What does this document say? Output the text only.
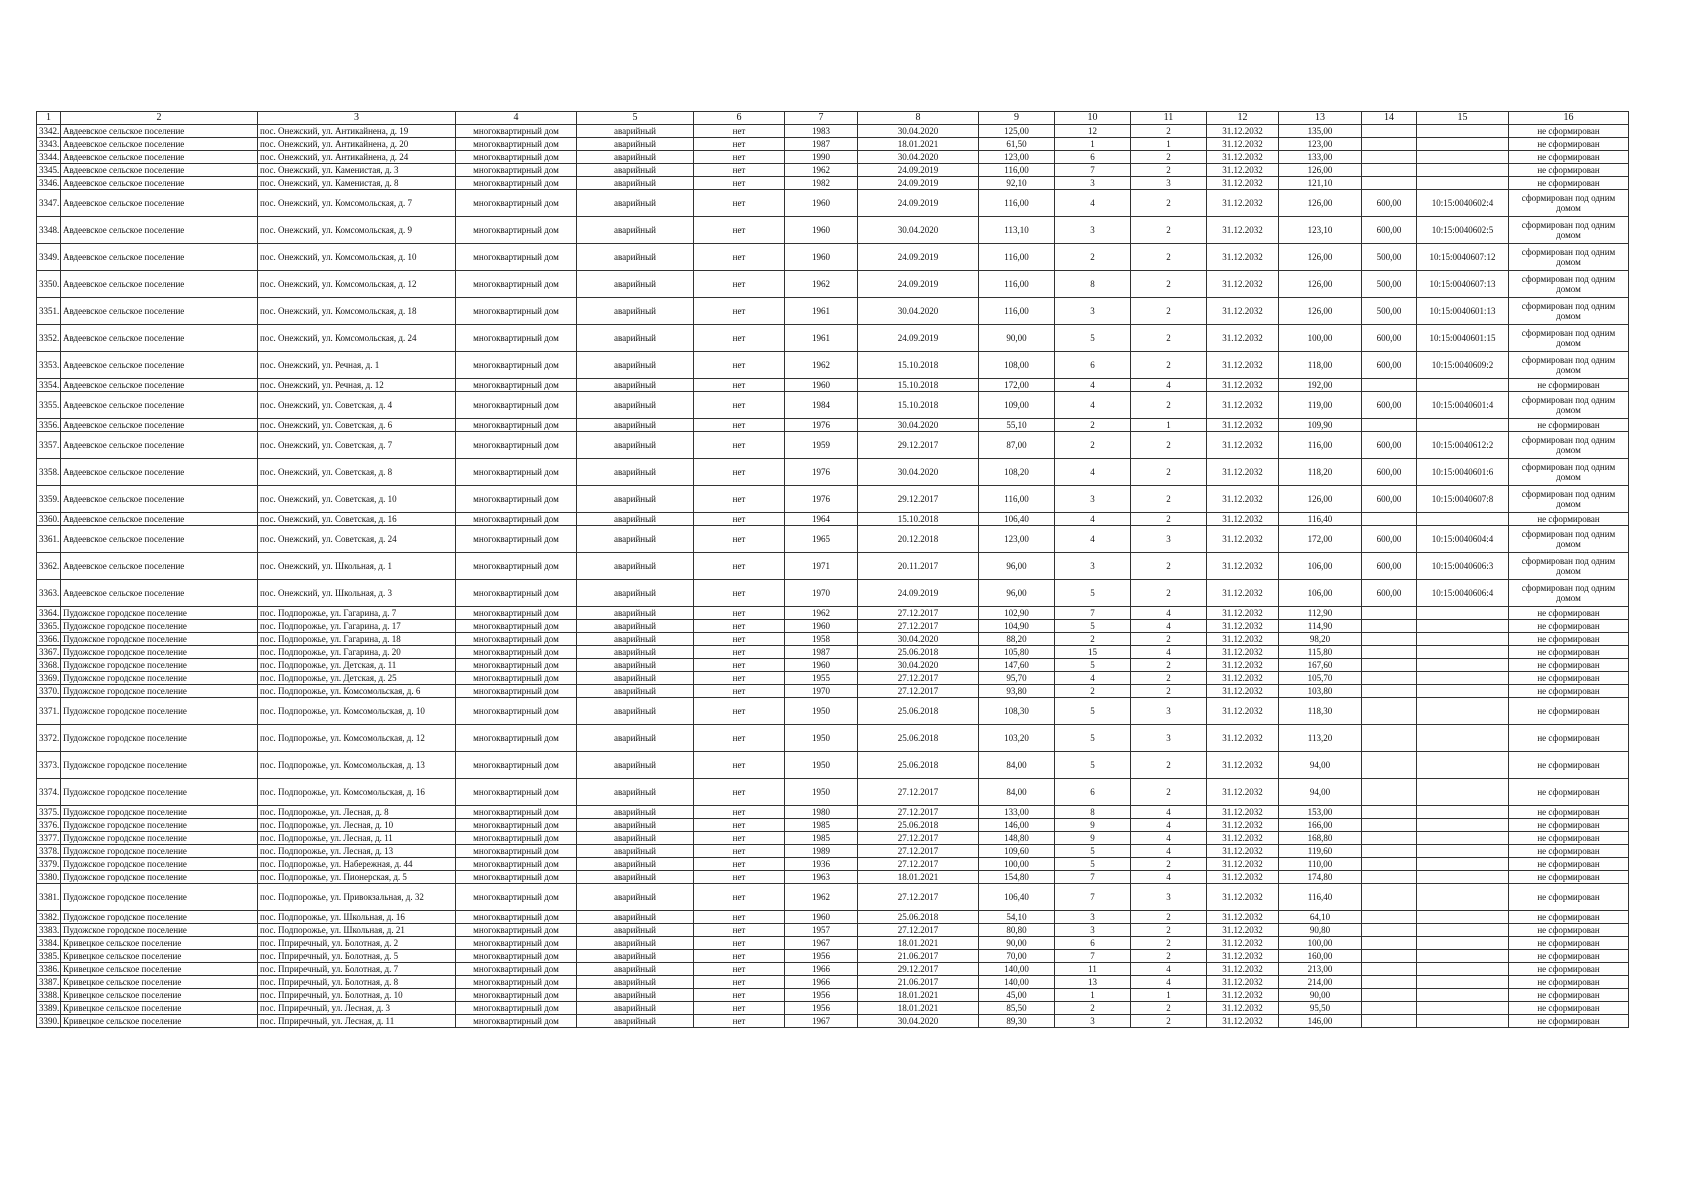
1	2	3	4	5	6	7	8	9	10	11	12	13	14	15	16
3342.	Авдеевское сельское поселение	пос. Онежский, ул. Антикайнена, д. 19	многоквартирный дом	аварийный	нет	1983	30.04.2020	125,00	12	2	31.12.2032	135,00			не сформирован
3343.	Авдеевское сельское поселение	пос. Онежский, ул. Антикайнена, д. 20	многоквартирный дом	аварийный	нет	1987	18.01.2021	61,50	1	1	31.12.2032	123,00			не сформирован
3344.	Авдеевское сельское поселение	пос. Онежский, ул. Антикайнена, д. 24	многоквартирный дом	аварийный	нет	1990	30.04.2020	123,00	6	2	31.12.2032	133,00			не сформирован
3345.	Авдеевское сельское поселение	пос. Онежский, ул. Каменистая, д. 3	многоквартирный дом	аварийный	нет	1962	24.09.2019	116,00	7	2	31.12.2032	126,00			не сформирован
3346.	Авдеевское сельское поселение	пос. Онежский, ул. Каменистая, д. 8	многоквартирный дом	аварийный	нет	1982	24.09.2019	92,10	3	3	31.12.2032	121,10			не сформирован
3347.	Авдеевское сельское поселение	пос. Онежский, ул. Комсомольская, д. 7	многоквартирный дом	аварийный	нет	1960	24.09.2019	116,00	4	2	31.12.2032	126,00	600,00	10:15:0040602:4	сформирован под одним домом
3348.	Авдеевское сельское поселение	пос. Онежский, ул. Комсомольская, д. 9	многоквартирный дом	аварийный	нет	1960	30.04.2020	113,10	3	2	31.12.2032	123,10	600,00	10:15:0040602:5	сформирован под одним домом
3349.	Авдеевское сельское поселение	пос. Онежский, ул. Комсомольская, д. 10	многоквартирный дом	аварийный	нет	1960	24.09.2019	116,00	2	2	31.12.2032	126,00	500,00	10:15:0040607:12	сформирован под одним домом
3350.	Авдеевское сельское поселение	пос. Онежский, ул. Комсомольская, д. 12	многоквартирный дом	аварийный	нет	1962	24.09.2019	116,00	8	2	31.12.2032	126,00	500,00	10:15:0040607:13	сформирован под одним домом
3351.	Авдеевское сельское поселение	пос. Онежский, ул. Комсомольская, д. 18	многоквартирный дом	аварийный	нет	1961	30.04.2020	116,00	3	2	31.12.2032	126,00	500,00	10:15:0040601:13	сформирован под одним домом
3352.	Авдеевское сельское поселение	пос. Онежский, ул. Комсомольская, д. 24	многоквартирный дом	аварийный	нет	1961	24.09.2019	90,00	5	2	31.12.2032	100,00	600,00	10:15:0040601:15	сформирован под одним домом
3353.	Авдеевское сельское поселение	пос. Онежский, ул. Речная, д. 1	многоквартирный дом	аварийный	нет	1962	15.10.2018	108,00	6	2	31.12.2032	118,00	600,00	10:15:0040609:2	сформирован под одним домом
3354.	Авдеевское сельское поселение	пос. Онежский, ул. Речная, д. 12	многоквартирный дом	аварийный	нет	1960	15.10.2018	172,00	4	4	31.12.2032	192,00			не сформирован
3355.	Авдеевское сельское поселение	пос. Онежский, ул. Советская, д. 4	многоквартирный дом	аварийный	нет	1984	15.10.2018	109,00	4	2	31.12.2032	119,00	600,00	10:15:0040601:4	сформирован под одним домом
3356.	Авдеевское сельское поселение	пос. Онежский, ул. Советская, д. 6	многоквартирный дом	аварийный	нет	1976	30.04.2020	55,10	2	1	31.12.2032	109,90			не сформирован
3357.	Авдеевское сельское поселение	пос. Онежский, ул. Советская, д. 7	многоквартирный дом	аварийный	нет	1959	29.12.2017	87,00	2	2	31.12.2032	116,00	600,00	10:15:0040612:2	сформирован под одним домом
3358.	Авдеевское сельское поселение	пос. Онежский, ул. Советская, д. 8	многоквартирный дом	аварийный	нет	1976	30.04.2020	108,20	4	2	31.12.2032	118,20	600,00	10:15:0040601:6	сформирован под одним домом
3359.	Авдеевское сельское поселение	пос. Онежский, ул. Советская, д. 10	многоквартирный дом	аварийный	нет	1976	29.12.2017	116,00	3	2	31.12.2032	126,00	600,00	10:15:0040607:8	сформирован под одним домом
3360.	Авдеевское сельское поселение	пос. Онежский, ул. Советская, д. 16	многоквартирный дом	аварийный	нет	1964	15.10.2018	106,40	4	2	31.12.2032	116,40			не сформирован
3361.	Авдеевское сельское поселение	пос. Онежский, ул. Советская, д. 24	многоквартирный дом	аварийный	нет	1965	20.12.2018	123,00	4	3	31.12.2032	172,00	600,00	10:15:0040604:4	сформирован под одним домом
3362.	Авдеевское сельское поселение	пос. Онежский, ул. Школьная, д. 1	многоквартирный дом	аварийный	нет	1971	20.11.2017	96,00	3	2	31.12.2032	106,00	600,00	10:15:0040606:3	сформирован под одним домом
3363.	Авдеевское сельское поселение	пос. Онежский, ул. Школьная, д. 3	многоквартирный дом	аварийный	нет	1970	24.09.2019	96,00	5	2	31.12.2032	106,00	600,00	10:15:0040606:4	сформирован под одним домом
3364.	Пудожское городское поселение	пос. Подпорожье, ул. Гагарина, д. 7	многоквартирный дом	аварийный	нет	1962	27.12.2017	102,90	7	4	31.12.2032	112,90			не сформирован
3365.	Пудожское городское поселение	пос. Подпорожье, ул. Гагарина, д. 17	многоквартирный дом	аварийный	нет	1960	27.12.2017	104,90	5	4	31.12.2032	114,90			не сформирован
3366.	Пудожское городское поселение	пос. Подпорожье, ул. Гагарина, д. 18	многоквартирный дом	аварийный	нет	1958	30.04.2020	88,20	2	2	31.12.2032	98,20			не сформирован
3367.	Пудожское городское поселение	пос. Подпорожье, ул. Гагарина, д. 20	многоквартирный дом	аварийный	нет	1987	25.06.2018	105,80	15	4	31.12.2032	115,80			не сформирован
3368.	Пудожское городское поселение	пос. Подпорожье, ул. Детская, д. 11	многоквартирный дом	аварийный	нет	1960	30.04.2020	147,60	5	2	31.12.2032	167,60			не сформирован
3369.	Пудожское городское поселение	пос. Подпорожье, ул. Детская, д. 25	многоквартирный дом	аварийный	нет	1955	27.12.2017	95,70	4	2	31.12.2032	105,70			не сформирован
3370.	Пудожское городское поселение	пос. Подпорожье, ул. Комсомольская, д. 6	многоквартирный дом	аварийный	нет	1970	27.12.2017	93,80	2	2	31.12.2032	103,80			не сформирован
3371.	Пудожское городское поселение	пос. Подпорожье, ул. Комсомольская, д. 10	многоквартирный дом	аварийный	нет	1950	25.06.2018	108,30	5	3	31.12.2032	118,30			не сформирован
3372.	Пудожское городское поселение	пос. Подпорожье, ул. Комсомольская, д. 12	многоквартирный дом	аварийный	нет	1950	25.06.2018	103,20	5	3	31.12.2032	113,20			не сформирован
3373.	Пудожское городское поселение	пос. Подпорожье, ул. Комсомольская, д. 13	многоквартирный дом	аварийный	нет	1950	25.06.2018	84,00	5	2	31.12.2032	94,00			не сформирован
3374.	Пудожское городское поселение	пос. Подпорожье, ул. Комсомольская, д. 16	многоквартирный дом	аварийный	нет	1950	27.12.2017	84,00	6	2	31.12.2032	94,00			не сформирован
3375.	Пудожское городское поселение	пос. Подпорожье, ул. Лесная, д. 8	многоквартирный дом	аварийный	нет	1980	27.12.2017	133,00	8	4	31.12.2032	153,00			не сформирован
3376.	Пудожское городское поселение	пос. Подпорожье, ул. Лесная, д. 10	многоквартирный дом	аварийный	нет	1985	25.06.2018	146,00	9	4	31.12.2032	166,00			не сформирован
3377.	Пудожское городское поселение	пос. Подпорожье, ул. Лесная, д. 11	многоквартирный дом	аварийный	нет	1985	27.12.2017	148,80	9	4	31.12.2032	168,80			не сформирован
3378.	Пудожское городское поселение	пос. Подпорожье, ул. Лесная, д. 13	многоквартирный дом	аварийный	нет	1989	27.12.2017	109,60	5	4	31.12.2032	119,60			не сформирован
3379.	Пудожское городское поселение	пос. Подпорожье, ул. Набережная, д. 44	многоквартирный дом	аварийный	нет	1936	27.12.2017	100,00	5	2	31.12.2032	110,00			не сформирован
3380.	Пудожское городское поселение	пос. Подпорожье, ул. Пионерская, д. 5	многоквартирный дом	аварийный	нет	1963	18.01.2021	154,80	7	4	31.12.2032	174,80			не сформирован
3381.	Пудожское городское поселение	пос. Подпорожье, ул. Привокзальная, д. 32	многоквартирный дом	аварийный	нет	1962	27.12.2017	106,40	7	3	31.12.2032	116,40			не сформирован
3382.	Пудожское городское поселение	пос. Подпорожье, ул. Школьная, д. 16	многоквартирный дом	аварийный	нет	1960	25.06.2018	54,10	3	2	31.12.2032	64,10			не сформирован
3383.	Пудожское городское поселение	пос. Подпорожье, ул. Школьная, д. 21	многоквартирный дом	аварийный	нет	1957	27.12.2017	80,80	3	2	31.12.2032	90,80			не сформирован
3384.	Кривецкое сельское поселение	пос. Пприречный, ул. Болотная, д. 2	многоквартирный дом	аварийный	нет	1967	18.01.2021	90,00	6	2	31.12.2032	100,00			не сформирован
3385.	Кривецкое сельское поселение	пос. Пприречный, ул. Болотная, д. 5	многоквартирный дом	аварийный	нет	1956	21.06.2017	70,00	7	2	31.12.2032	160,00			не сформирован
3386.	Кривецкое сельское поселение	пос. Пприречный, ул. Болотная, д. 7	многоквартирный дом	аварийный	нет	1966	29.12.2017	140,00	11	4	31.12.2032	213,00			не сформирован
3387.	Кривецкое сельское поселение	пос. Пприречный, ул. Болотная, д. 8	многоквартирный дом	аварийный	нет	1966	21.06.2017	140,00	13	4	31.12.2032	214,00			не сформирован
3388.	Кривецкое сельское поселение	пос. Пприречный, ул. Болотная, д. 10	многоквартирный дом	аварийный	нет	1956	18.01.2021	45,00	1	1	31.12.2032	90,00			не сформирован
3389.	Кривецкое сельское поселение	пос. Пприречный, ул. Лесная, д. 3	многоквартирный дом	аварийный	нет	1956	18.01.2021	85,50	2	2	31.12.2032	95,50			не сформирован
3390.	Кривецкое сельское поселение	пос. Пприречный, ул. Лесная, д. 11	многоквартирный дом	аварийный	нет	1967	30.04.2020	89,30	3	2	31.12.2032	146,00			не сформирован
